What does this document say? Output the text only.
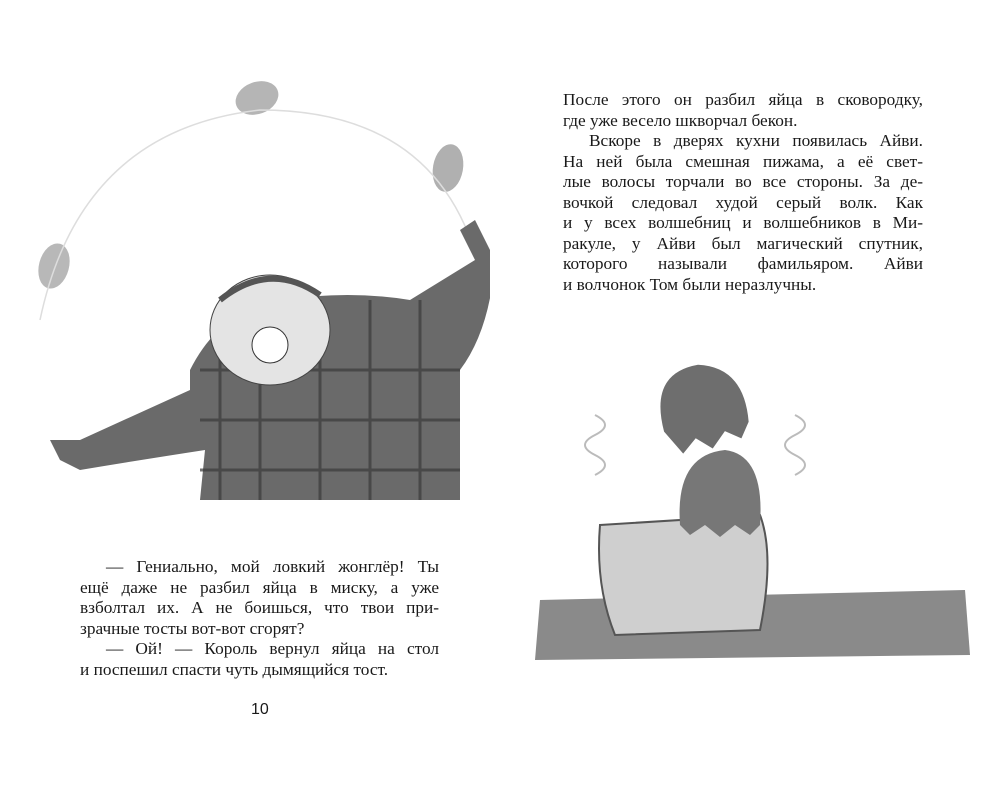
После этого он разбил яйца в сковородку,
где уже весело шкворчал бекон.
Вскоре в дверях кухни появилась Айви.
На ней была смешная пижама, а её свет-
лые волосы торчали во все стороны. За де-
вочкой следовал худой серый волк. Как
и у всех волшебниц и волшебников в Ми-
ракуле, у Айви был магический спутник,
которого называли фамильяром. Айви
и волчонок Том были неразлучны.
— Гениально, мой ловкий жонглёр! Ты
ещё даже не разбил яйца в миску, а уже
взболтал их. А не боишься, что твои при-
зрачные тосты вот-вот сгорят?
— Ой! — Король вернул яйца на стол
и поспешил спасти чуть дымящийся тост.
10
